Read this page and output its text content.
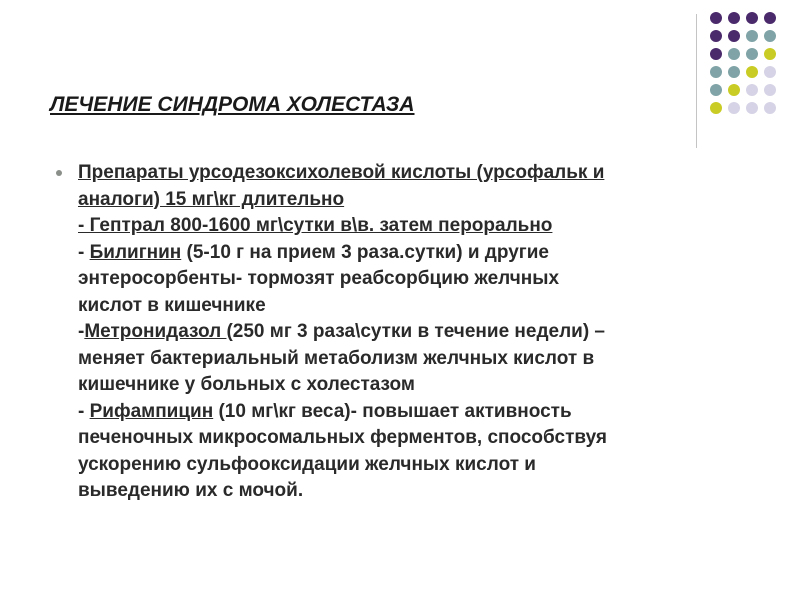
ЛЕЧЕНИЕ СИНДРОМА ХОЛЕСТАЗА
Препараты урсодезоксихолевой кислоты (урсофальк и
аналоги) 15 мг\кг длительно
- Гептрал 800-1600 мг\сутки в\в. затем перорально
- Билигнин (5-10 г на прием 3 раза.сутки) и другие
энтеросорбенты- тормозят реабсорбцию желчных
кислот в кишечнике
-Метронидазол (250 мг 3 раза\сутки в течение недели) –
меняет бактериальный метаболизм желчных кислот в
кишечнике у больных с холестазом
- Рифампицин (10 мг\кг веса)- повышает активность
печеночных микросомальных ферментов, способствуя
ускорению сульфооксидации желчных кислот и
выведению их с мочой.
